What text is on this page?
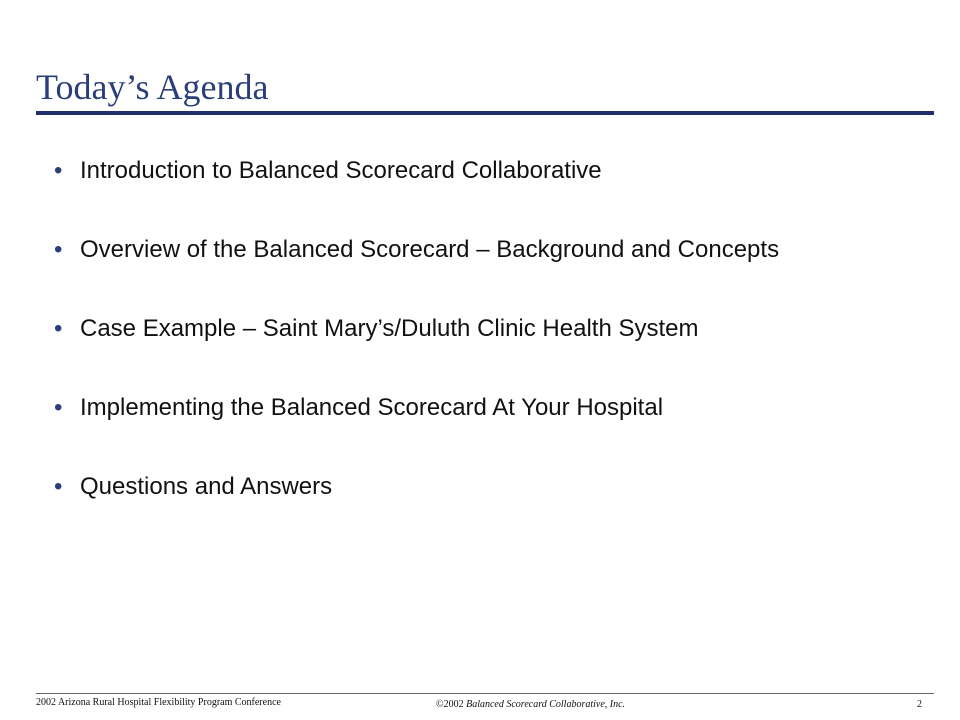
Today’s Agenda
• Introduction to Balanced Scorecard Collaborative
• Overview of the Balanced Scorecard – Background and Concepts
• Case Example – Saint Mary’s/Duluth Clinic Health System
• Implementing the Balanced Scorecard At Your Hospital
• Questions and Answers
2002 Arizona Rural Hospital Flexibility Program Conference	©2002 Balanced Scorecard Collaborative, Inc.	2
